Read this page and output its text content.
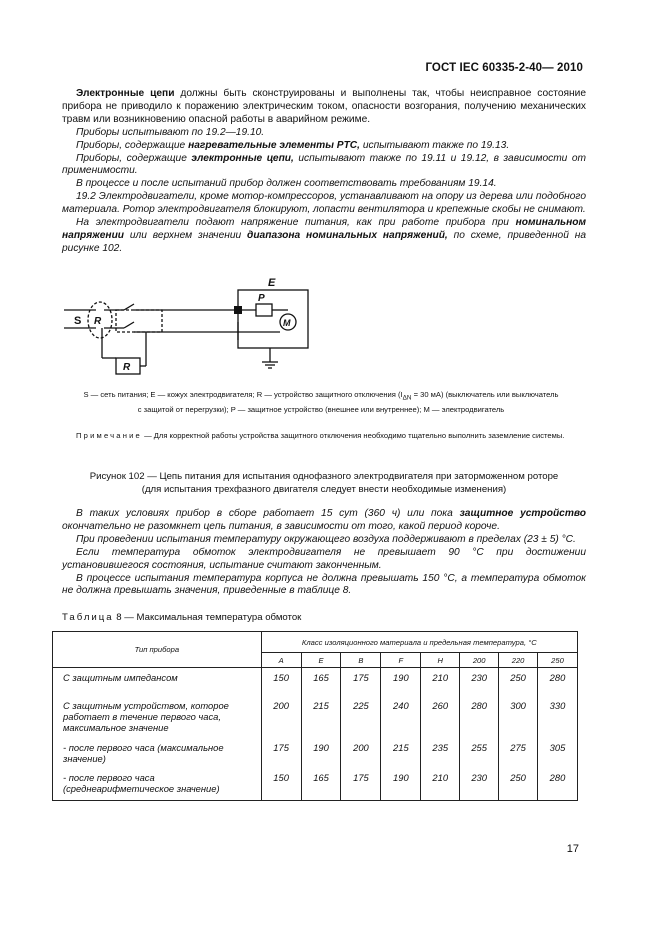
ГОСТ IEC 60335-2-40— 2010

Электронные цепи должны быть сконструированы и выполнены так, чтобы неисправное состояние прибора не приводило к поражению электрическим током, опасности возгорания, получению механических травм или возникновению опасной работы в аварийном режиме.

Приборы испытывают по 19.2—19.10.

Приборы, содержащие нагревательные элементы PTC, испытывают также по 19.13.

Приборы, содержащие электронные цепи, испытывают также по 19.11 и 19.12, в зависимости от применимости.

В процессе и после испытаний прибор должен соответствовать требованиям 19.14.

19.2 Электродвигатели, кроме мотор-компрессоров, устанавливают на опору из дерева или подобного материала. Ротор электродвигателя блокируют, лопасти вентилятора и крепежные скобы не снимают.

На электродвигатели подают напряжение питания, как при работе прибора при номинальном напряжении или верхнем значении диапазона номинальных напряжений, по схеме, приведенной на рисунке 102.

S R
R
E
P
M
S — сеть питания; E — кожух электродвигателя; R — устройство защитного отключения ($I_{\Delta N} = 30$ мА) (выключатель или выключатель
с защитой от перегрузки); P — защитное устройство (внешнее или внутреннее); M — электродвигатель
Примечание — Для корректной работы устройства защитного отключения необходимо тщательно выполнить заземление системы.
Рисунок 102 — Цепь питания для испытания однофазного электродвигателя при заторможенном роторе
(для испытания трехфазного двигателя следует внести необходимые изменения)

В таких условиях прибор в сборе работает 15 сут (360 ч) или пока защитное устройство окончательно не разомкнет цепь питания, в зависимости от того, какой период короче.

При проведении испытания температуру окружающего воздуха поддерживают в пределах (23 ± 5) °C.

Если температура обмоток электродвигателя не превышает 90 °C при достижении установившегося состояния, испытание считают законченным.

В процессе испытания температура корпуса не должна превышать 150 °C, а температура обмоток не должна превышать значения, приведенные в таблице 8.

Таблица 8 — Максимальная температура обмоток
Тип прибора	Класс изоляционного материала и предельная температура, °C							
	A	E	B	F	H	200	220	250
С защитным импедансом	150	165	175	190	210	230	250	280
С защитным устройством, которое работает в течение первого часа, максимальное значение	200	215	225	240	260	280	300	330
- после первого часа (максимальное значение)	175	190	200	215	235	255	275	305
- после первого часа (среднеарифметическое значение)	150	165	175	190	210	230	250	280
17
